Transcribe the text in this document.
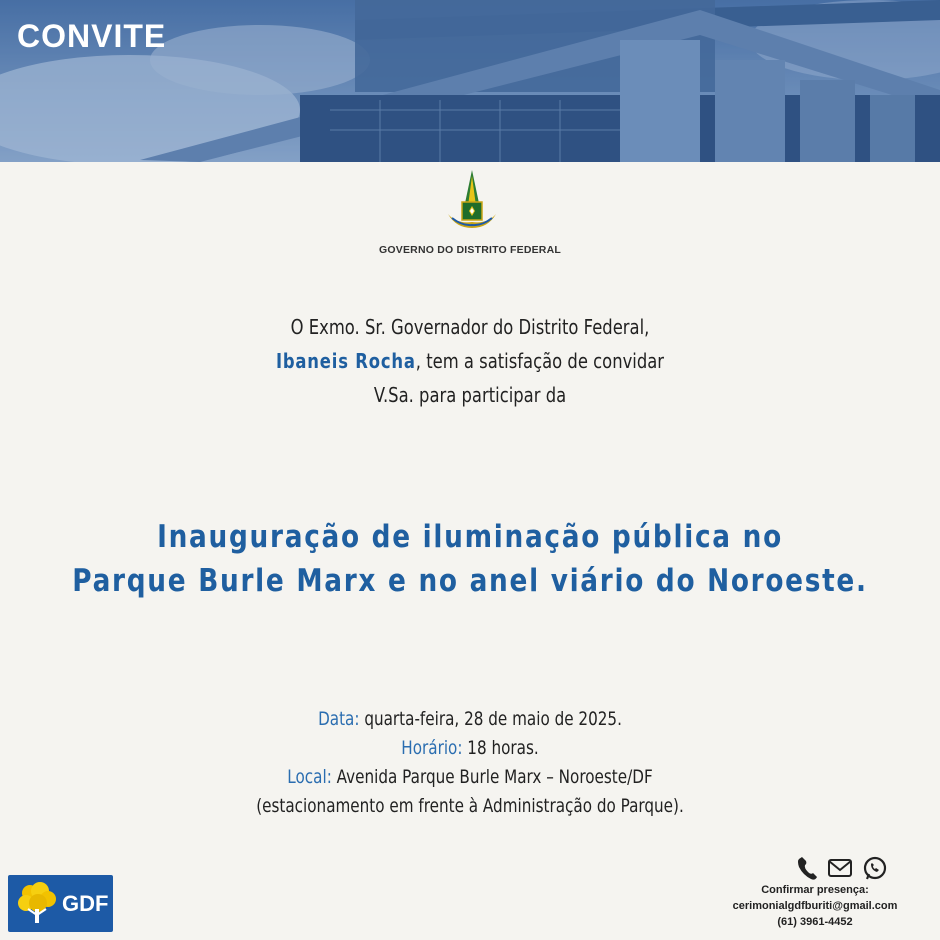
CONVITE
GOVERNO DO DISTRITO FEDERAL
O Exmo. Sr. Governador do Distrito Federal,
Ibaneis Rocha, tem a satisfação de convidar
V.Sa. para participar da
Inauguração de iluminação pública no
Parque Burle Marx e no anel viário do Noroeste.
Data: quarta-feira, 28 de maio de 2025.
Horário: 18 horas.
Local: Avenida Parque Burle Marx – Noroeste/DF
(estacionamento em frente à Administração do Parque).
GDF
Confirmar presença:
cerimonialgdfburiti@gmail.com
(61) 3961-4452
